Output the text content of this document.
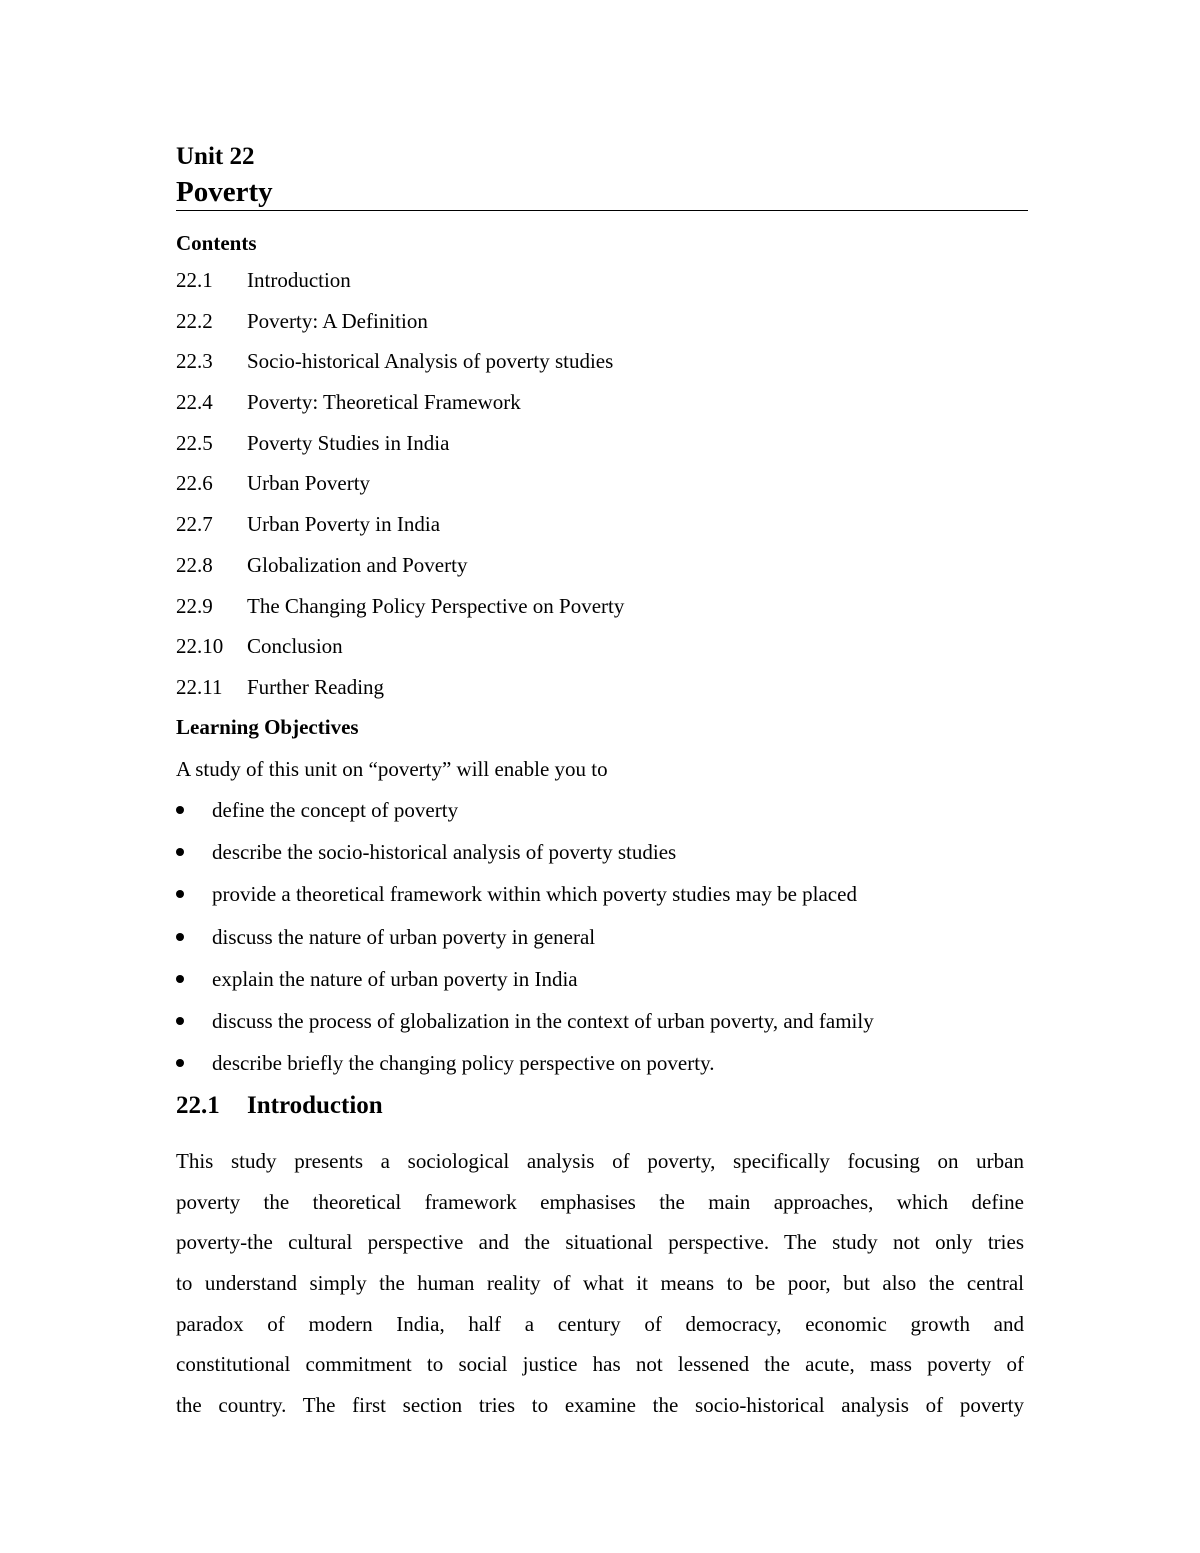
Unit 22
Poverty
Contents
22.1	Introduction
22.2	Poverty: A Definition
22.3	Socio-historical Analysis of poverty studies
22.4	Poverty: Theoretical Framework
22.5	Poverty Studies in India
22.6	Urban Poverty
22.7	Urban Poverty in India
22.8	Globalization and Poverty
22.9	The Changing Policy Perspective on Poverty
22.10	Conclusion
22.11	Further Reading
Learning Objectives
A study of this unit on “poverty” will enable you to
define the concept of poverty
describe the socio-historical analysis of poverty studies
provide a theoretical framework within which poverty studies may be placed
discuss the nature of urban poverty in general
explain the nature of urban poverty in India
discuss the process of globalization in the context of urban poverty, and family
describe briefly the changing policy perspective on poverty.
22.1	Introduction
This study presents a sociological analysis of poverty, specifically focusing on urban
poverty the theoretical framework emphasises the main approaches, which define
poverty-the cultural perspective and the situational perspective. The study not only tries
to understand simply the human reality of what it means to be poor, but also the central
paradox of modern India, half a century of democracy, economic growth and
constitutional commitment to social justice has not lessened the acute, mass poverty of
the country. The first section tries to examine the socio-historical analysis of poverty
